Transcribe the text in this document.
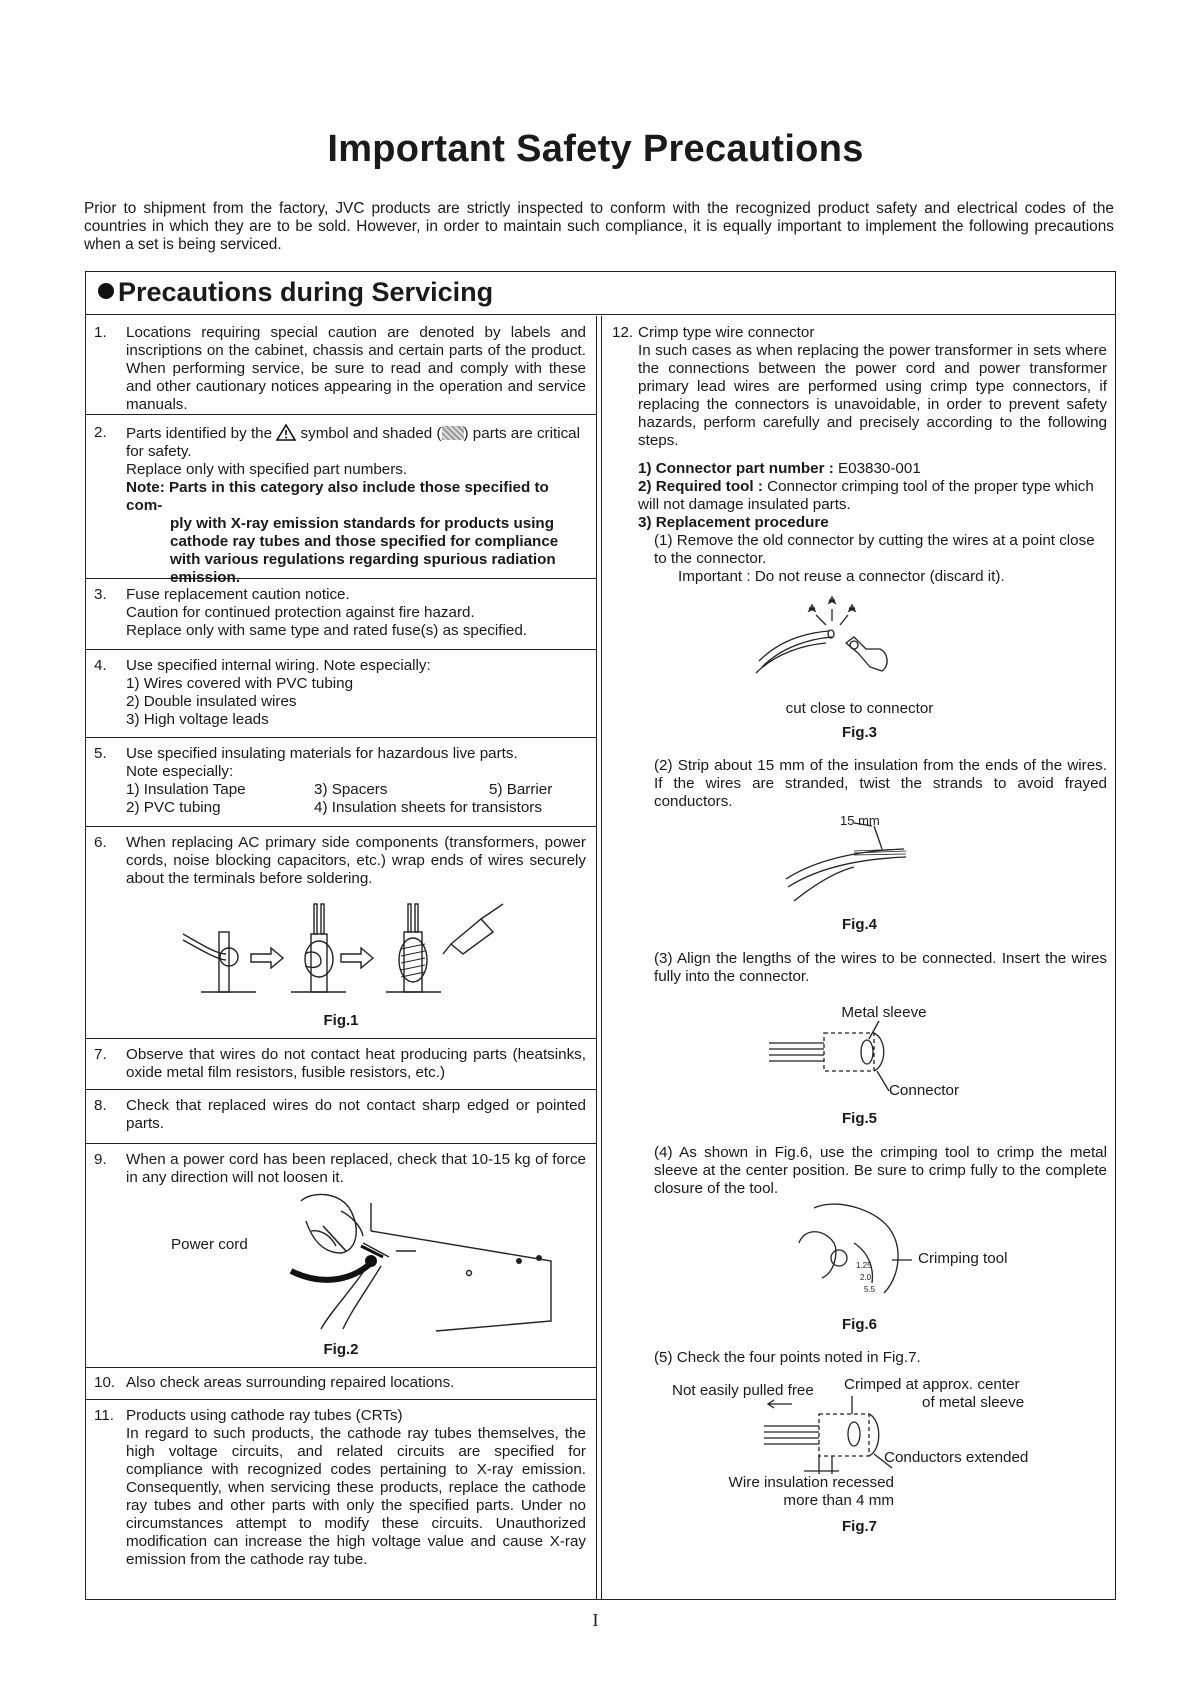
Important Safety Precautions
Prior to shipment from the factory, JVC products are strictly inspected to conform with the recognized product safety and electrical codes of the countries in which they are to be sold. However, in order to maintain such compliance, it is equally important to implement the following precautions when a set is being serviced.
Precautions during Servicing
1. Locations requiring special caution are denoted by labels and inscriptions on the cabinet, chassis and certain parts of the product. When performing service, be sure to read and comply with these and other cautionary notices appearing in the operation and service manuals.
2. Parts identified by the symbol and shaded ( ) parts are critical for safety.
Replace only with specified part numbers.
Note: Parts in this category also include those specified to com-
ply with X-ray emission standards for products using cathode ray tubes and those specified for compliance with various regulations regarding spurious radiation emission.
3. Fuse replacement caution notice.
Caution for continued protection against fire hazard.
Replace only with same type and rated fuse(s) as specified.
4. Use specified internal wiring. Note especially:
1) Wires covered with PVC tubing
2) Double insulated wires
3) High voltage leads
5. Use specified insulating materials for hazardous live parts.
Note especially:
1) Insulation Tape	3) Spacers	5) Barrier
2) PVC tubing	4) Insulation sheets for transistors
6. When replacing AC primary side components (transformers, power cords, noise blocking capacitors, etc.) wrap ends of wires securely about the terminals before soldering.
Fig.1
7. Observe that wires do not contact heat producing parts (heatsinks, oxide metal film resistors, fusible resistors, etc.)
8. Check that replaced wires do not contact sharp edged or pointed parts.
9. When a power cord has been replaced, check that 10-15 kg of force in any direction will not loosen it.
Power cord
Fig.2
10. Also check areas surrounding repaired locations.
11. Products using cathode ray tubes (CRTs)
In regard to such products, the cathode ray tubes themselves, the high voltage circuits, and related circuits are specified for compliance with recognized codes pertaining to X-ray emission. Consequently, when servicing these products, replace the cathode ray tubes and other parts with only the specified parts. Under no circumstances attempt to modify these circuits. Unauthorized modification can increase the high voltage value and cause X-ray emission from the cathode ray tube.
12. Crimp type wire connector
In such cases as when replacing the power transformer in sets where the connections between the power cord and power transformer primary lead wires are performed using crimp type connectors, if replacing the connectors is unavoidable, in order to prevent safety hazards, perform carefully and precisely according to the following steps.
1) Connector part number : E03830-001
2) Required tool : Connector crimping tool of the proper type which will not damage insulated parts.
3) Replacement procedure
(1) Remove the old connector by cutting the wires at a point close to the connector.
Important : Do not reuse a connector (discard it).
cut close to connector
Fig.3
(2) Strip about 15 mm of the insulation from the ends of the wires. If the wires are stranded, twist the strands to avoid frayed conductors.
15 mm
Fig.4
(3) Align the lengths of the wires to be connected. Insert the wires fully into the connector.
Metal sleeve
Connector
Fig.5
(4) As shown in Fig.6, use the crimping tool to crimp the metal sleeve at the center position. Be sure to crimp fully to the complete closure of the tool.
1.25
2.0
5.5
Crimping tool
Fig.6
(5) Check the four points noted in Fig.7.
Not easily pulled free Crimped at approx. center
of metal sleeve
Conductors extended
Wire insulation recessed
more than 4 mm
Fig.7
I
